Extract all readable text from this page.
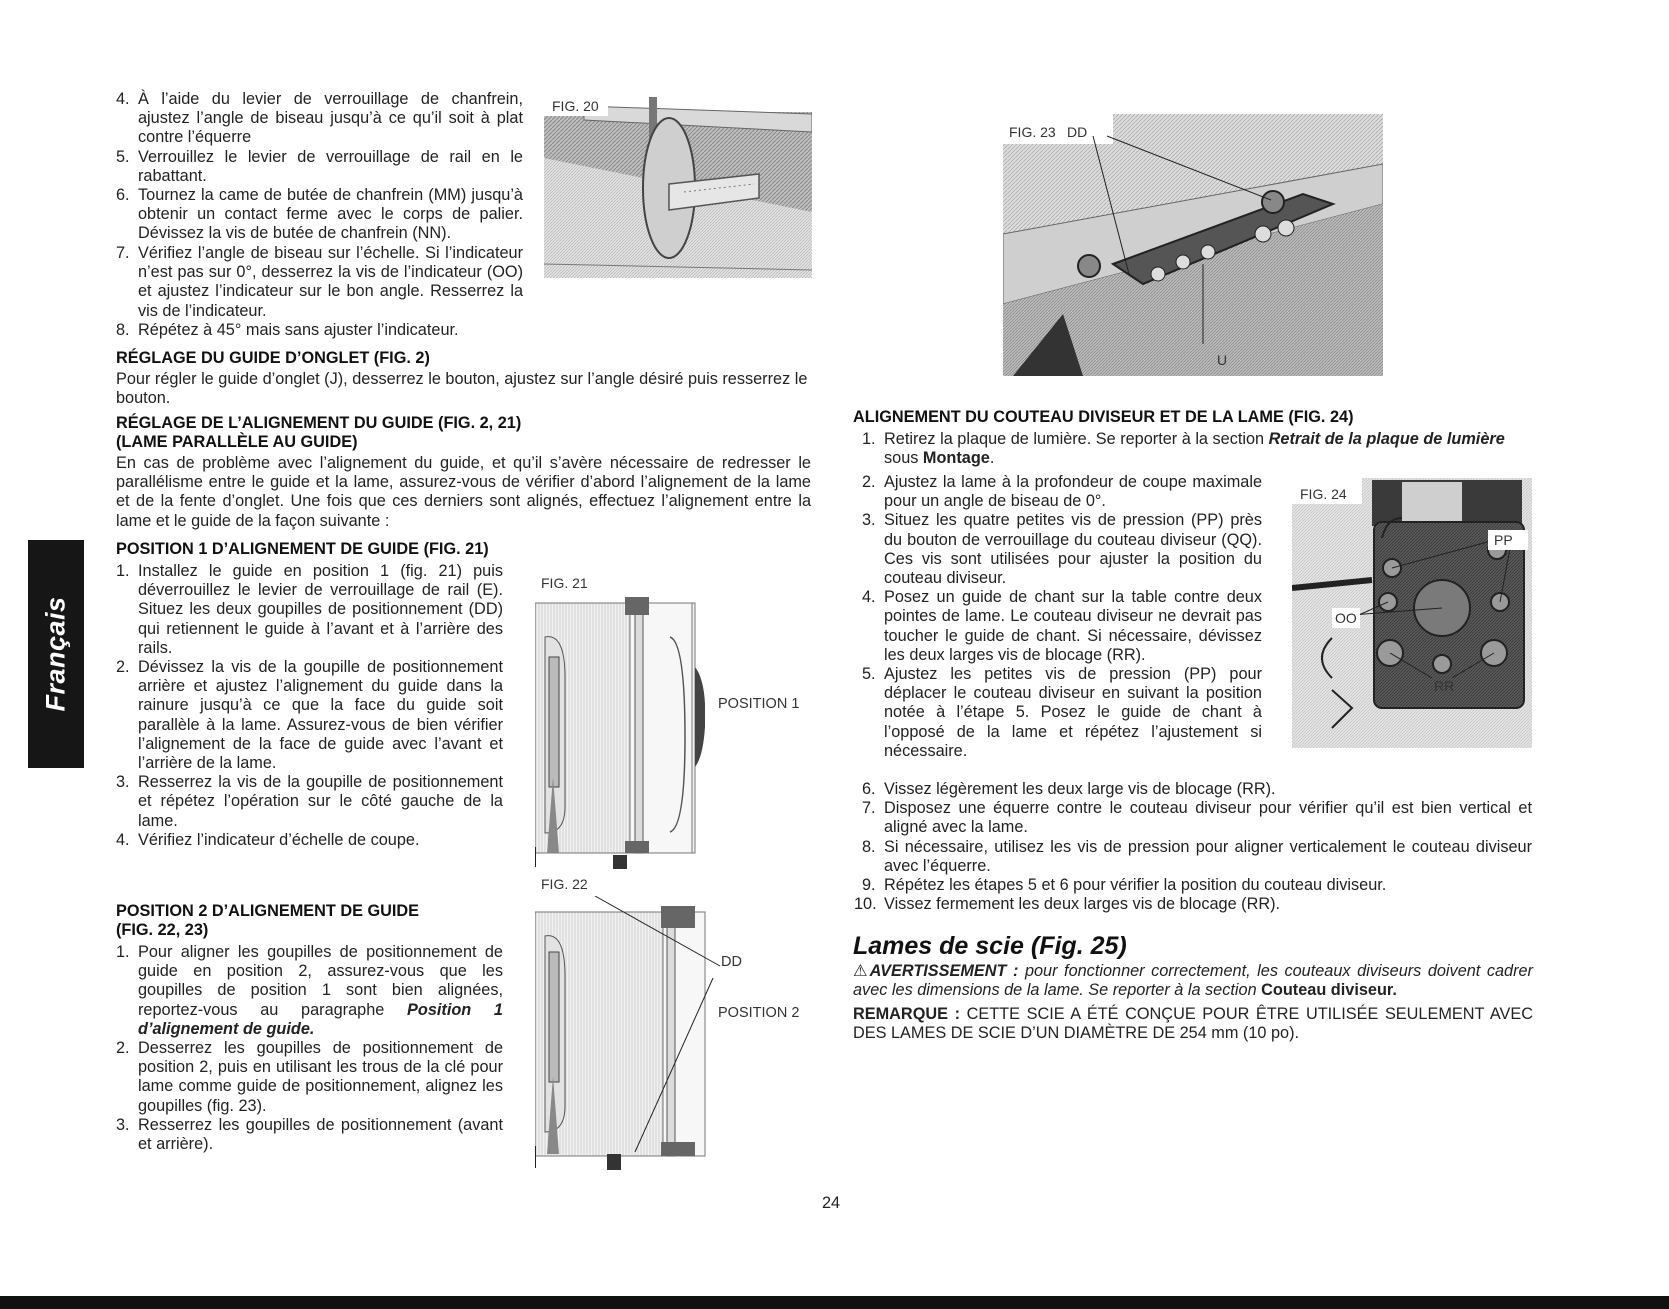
Français
4. À l’aide du levier de verrouillage de chanfrein, ajustez l’angle de biseau jusqu’à ce qu’il soit à plat contre l’équerre
5. Verrouillez le levier de verrouillage de rail en le rabattant.
6. Tournez la came de butée de chanfrein (MM) jusqu’à obtenir un contact ferme avec le corps de palier. Dévissez la vis de butée de chanfrein (NN).
7. Vérifiez l’angle de biseau sur l’échelle. Si l’indicateur n’est pas sur 0°, desserrez la vis de l’indicateur (OO) et ajustez l’indicateur sur le bon angle. Resserrez la vis de l’indicateur.
8. Répétez à 45° mais sans ajuster l’indicateur.
FIG. 20
RÉGLAGE DU GUIDE D’ONGLET (FIG. 2)

Pour régler le guide d’onglet (J), desserrez le bouton, ajustez sur l’angle désiré puis resserrez le bouton.

RÉGLAGE DE L’ALIGNEMENT DU GUIDE (FIG. 2, 21)
(LAME PARALLÈLE AU GUIDE)

En cas de problème avec l’alignement du guide, et qu’il s’avère nécessaire de redresser le parallélisme entre le guide et la lame, assurez-vous de vérifier d’abord l’alignement de la lame et de la fente d’onglet. Une fois que ces derniers sont alignés, effectuez l’alignement entre la lame et le guide de la façon suivante :

POSITION 1 D’ALIGNEMENT DE GUIDE (FIG. 21)
1. Installez le guide en position 1 (fig. 21) puis déverrouillez le levier de verrouillage de rail (E). Situez les deux goupilles de positionnement (DD) qui retiennent le guide à l’avant et à l’arrière des rails.
2. Dévissez la vis de la goupille de positionnement arrière et ajustez l’alignement du guide dans la rainure jusqu’à ce que la face du guide soit parallèle à la lame. Assurez-vous de bien vérifier l’alignement de la face de guide avec l’avant et l’arrière de la lame.
3. Resserrez la vis de la goupille de positionnement et répétez l’opération sur le côté gauche de la lame.
4. Vérifiez l’indicateur d’échelle de coupe.
POSITION 2 D’ALIGNEMENT DE GUIDE
(FIG. 22, 23)
1. Pour aligner les goupilles de positionnement de guide en position 2, assurez-vous que les goupilles de position 1 sont bien alignées, reportez-vous au paragraphe Position 1 d’alignement de guide.
2. Desserrez les goupilles de positionnement de position 2, puis en utilisant les trous de la clé pour lame comme guide de positionnement, alignez les goupilles (fig. 23).
3. Resserrez les goupilles de positionnement (avant et arrière).
FIG. 21
POSITION 1
FIG. 22
DD
POSITION 2
FIG. 23 DD
U
ALIGNEMENT DU COUTEAU DIVISEUR ET DE LA LAME (FIG. 24)
1. Retirez la plaque de lumière. Se reporter à la section Retrait de la plaque de lumière sous Montage.
2. Ajustez la lame à la profondeur de coupe maximale pour un angle de biseau de 0°.
3. Situez les quatre petites vis de pression (PP) près du bouton de verrouillage du couteau diviseur (QQ). Ces vis sont utilisées pour ajuster la position du couteau diviseur.
4. Posez un guide de chant sur la table contre deux pointes de lame. Le couteau diviseur ne devrait pas toucher le guide de chant. Si nécessaire, dévissez les deux larges vis de blocage (RR).
5. Ajustez les petites vis de pression (PP) pour déplacer le couteau diviseur en suivant la position notée à l’étape 5. Posez le guide de chant à l’opposé de la lame et répétez l’ajustement si nécessaire.
FIG. 24
PP
OO
RR
6. Vissez légèrement les deux large vis de blocage (RR).
7. Disposez une équerre contre le couteau diviseur pour vérifier qu’il est bien vertical et aligné avec la lame.
8. Si nécessaire, utilisez les vis de pression pour aligner verticalement le couteau diviseur avec l’équerre.
9. Répétez les étapes 5 et 6 pour vérifier la position du couteau diviseur.
10. Vissez fermement les deux larges vis de blocage (RR).
Lames de scie (Fig. 25)

⚠AVERTISSEMENT : pour fonctionner correctement, les couteaux diviseurs doivent cadrer avec les dimensions de la lame. Se reporter à la section Couteau diviseur.

REMARQUE : CETTE SCIE A ÉTÉ CONÇUE POUR ÊTRE UTILISÉE SEULEMENT AVEC DES LAMES DE SCIE D’UN DIAMÈTRE DE 254 mm (10 po).

24
